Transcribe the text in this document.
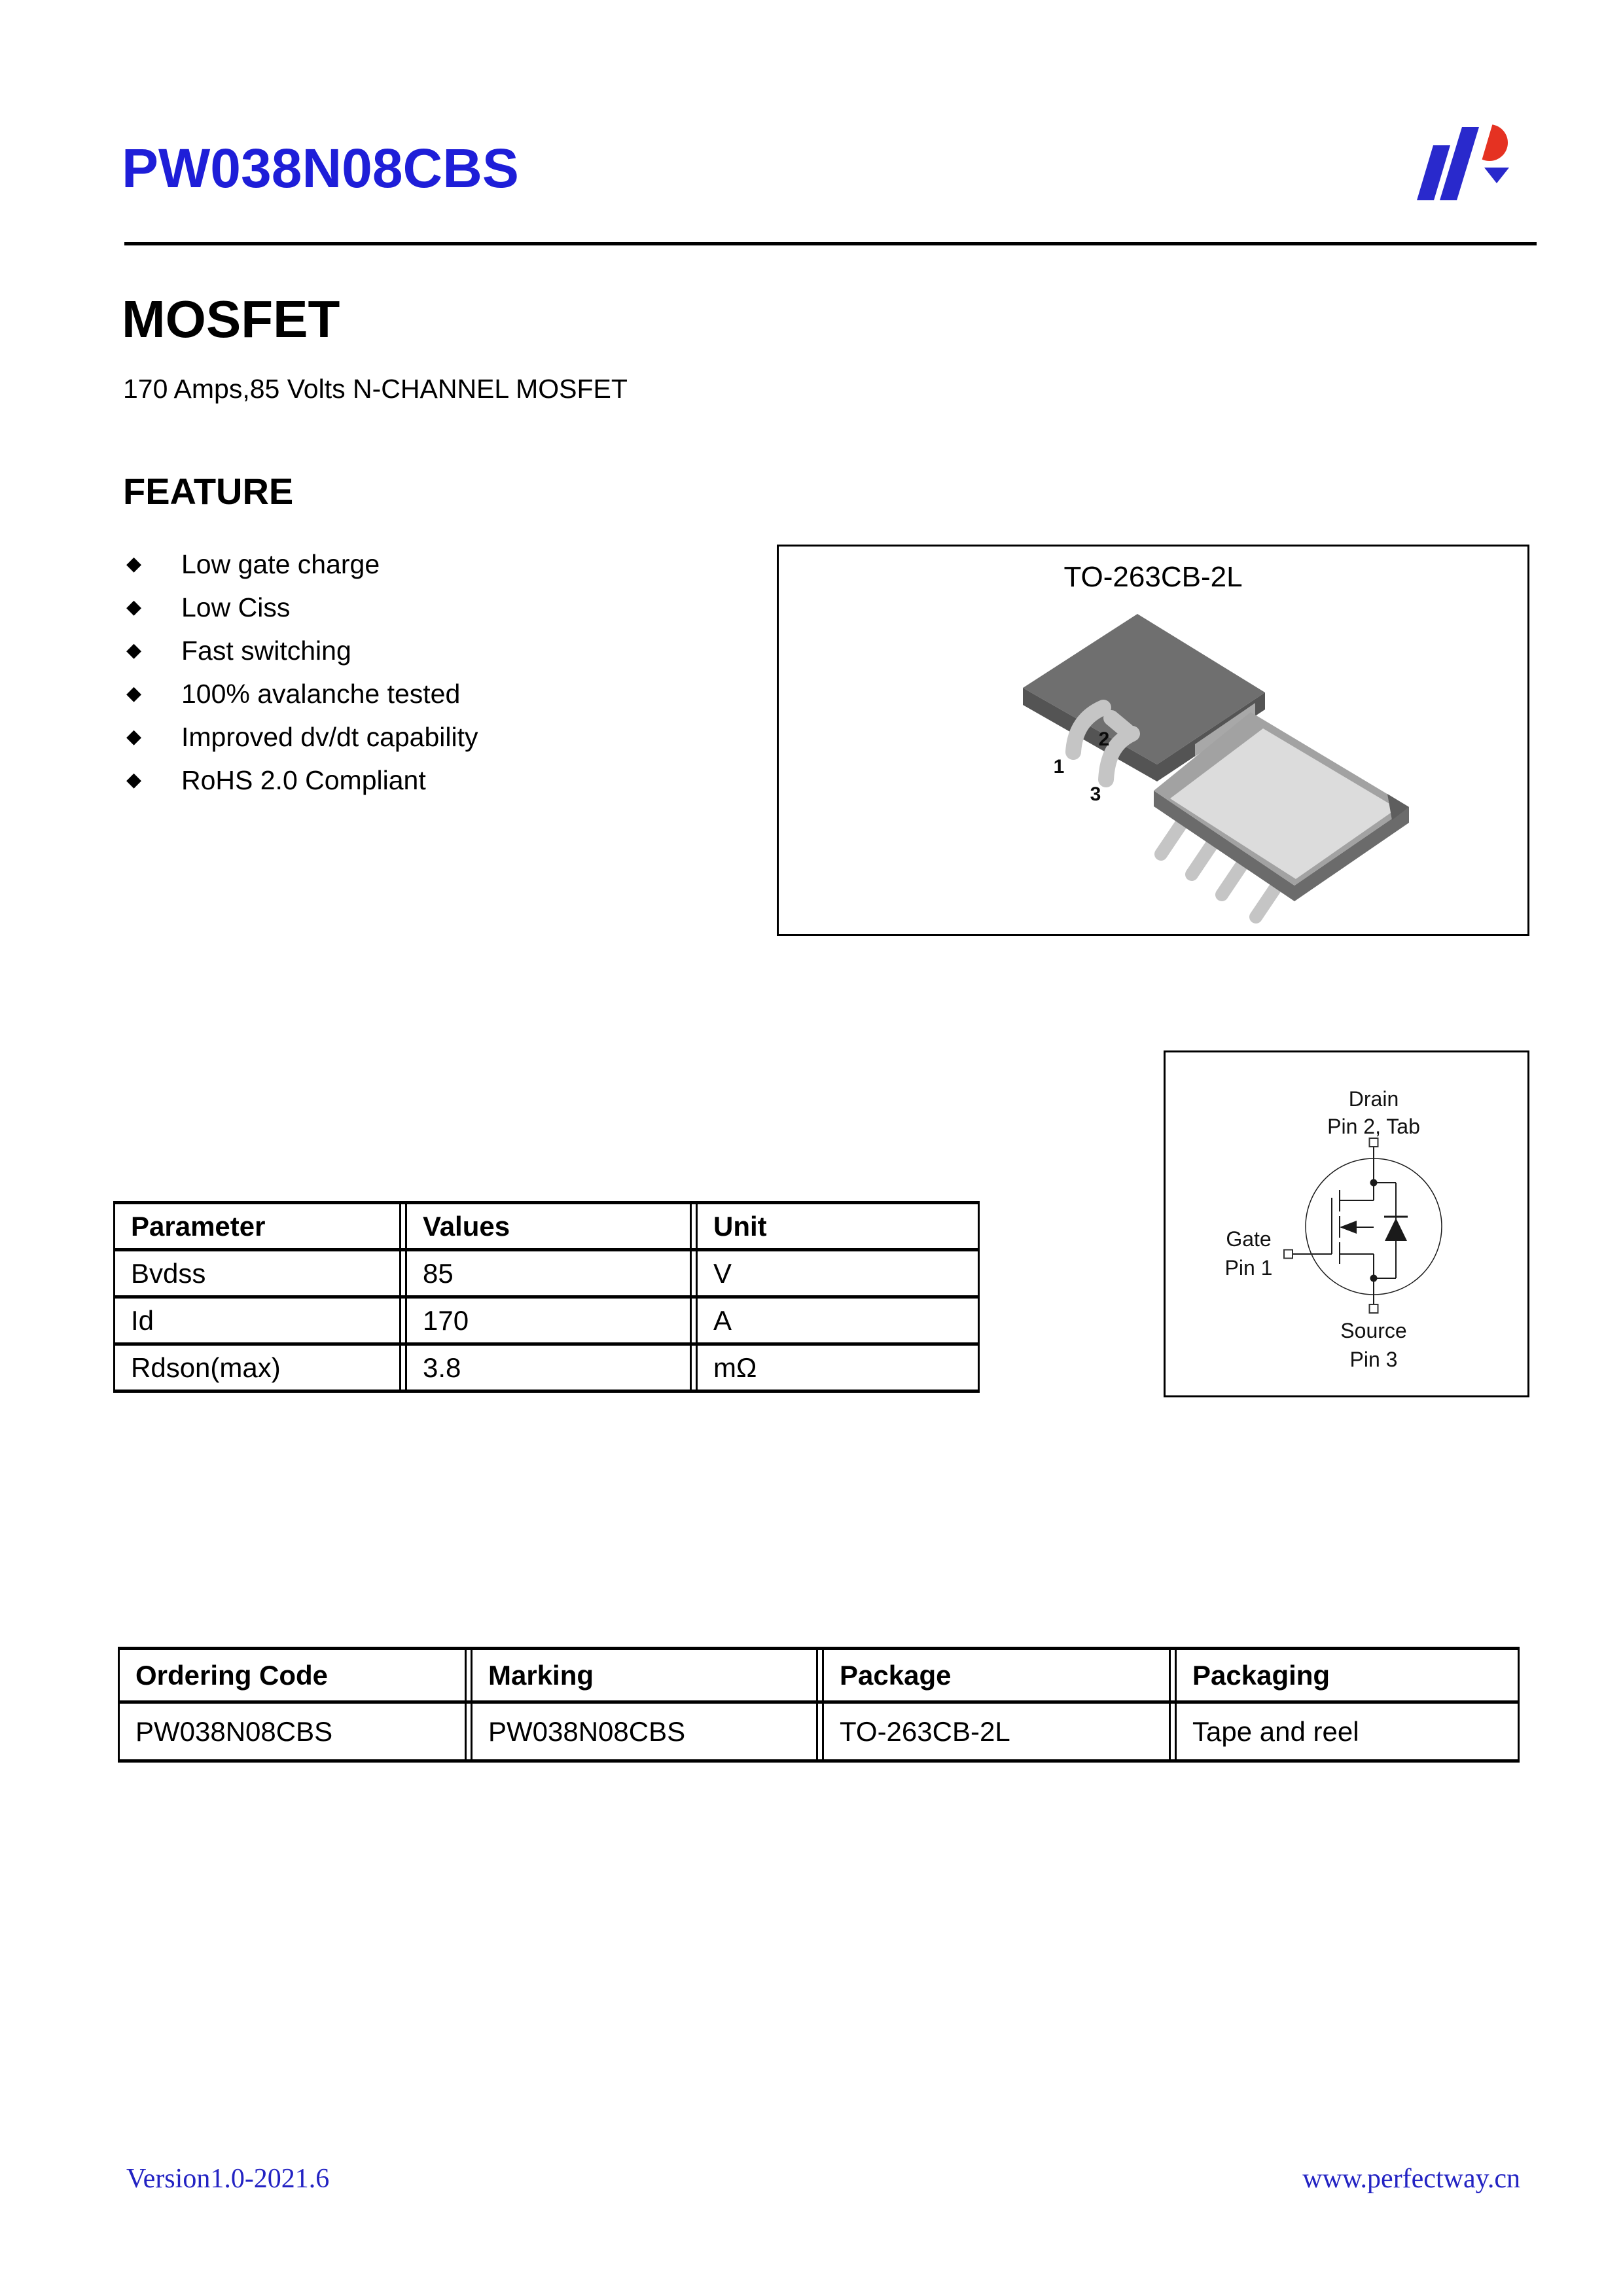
PW038N08CBS
MOSFET
170 Amps,85 Volts N-CHANNEL MOSFET
FEATURE
◆	Low gate charge
◆	Low Ciss
◆	Fast switching
◆	100% avalanche tested
◆	Improved dv/dt capability
◆	RoHS 2.0 Compliant	1
2
3
TO-263CB-2L
Drain
Pin 2, Tab
Gate
Pin 1
Source
Pin 3
Parameter		Values		Unit
Bvdss		85		V
Id		170		A
Rdson(max)		3.8		mΩ
Ordering Code		Marking		Package		Packaging
PW038N08CBS		PW038N08CBS		TO-263CB-2L		Tape and reel
Version1.0-2021.6	www.perfectway.cn
